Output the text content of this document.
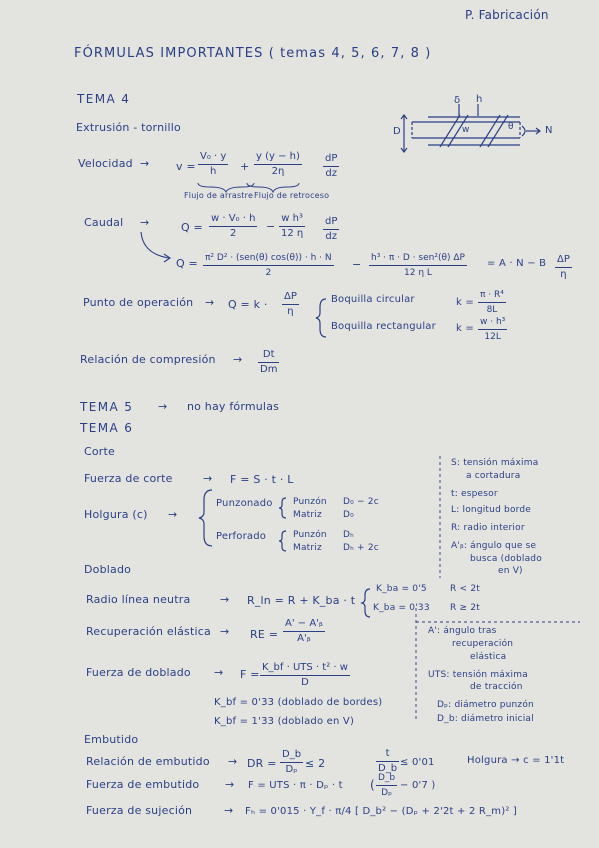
P. Fabricación
FÓRMULAS IMPORTANTES ( temas 4, 5, 6, 7, 8 )
TEMA 4
Extrusión - tornillo
δ h
D	w	θ	N
Velocidad → v =
V₀ · y
h +
y (y − h)
2η
dP
dz
Flujo de arrastre Flujo de retroceso
Caudal →	Q =
w · V₀ · h
2
−
w h³
12 η
dP
dz
Q = π² D² · (sen(θ) cos(θ)) · h · N
2
− h³ · π · D · sen²(θ) ΔP
12 η L
= A · N − B ΔP
η
Punto de operación → Q = k ·
ΔP
η
Boquilla circular	k =
π · R⁴
8L
Boquilla rectangular k =
w · h³
12L
Relación de compresión → Dt
Dm
TEMA 5 → no hay fórmulas
TEMA 6
Corte
Fuerza de corte	→ F = S · t · L
Holgura (c) →
Punzonado Punzón D₀ − 2c
Matriz D₀
Perforado	Punzón Dₕ
Matriz Dₕ + 2c
S: tensión máxima
a cortadura
t: espesor
L: longitud borde
R: radio interior
A'ᵦ: ángulo que se
busca (doblado
en V)
Doblado
Radio línea neutra	→ R_ln = R + K_ba · t
K_ba = 0'5	R < 2t
K_ba = 0'33 R ≥ 2t
Recuperación elástica → RE =
A' − A'ᵦ
A'ᵦ
Fuerza de doblado → F =
K_bf · UTS · t² · w
D
K_bf = 0'33 (doblado de bordes)
K_bf = 1'33 (doblado en V)
A': ángulo tras
recuperación
elástica
UTS: tensión máxima
de tracción
Dₚ: diámetro punzón
D_b: diámetro inicial
Embutido
Relación de embutido → DR =
D_b
Dₚ ≤ 2
t
D_b
≤ 0'01	Holgura → c = 1'1t
Fuerza de embutido → F = UTS · π · Dₚ · t ( D_b
Dₚ
− 0'7 )
Fuerza de sujeción	→ Fₕ = 0'015 · Y_f · π/4 [ D_b² − (Dₚ + 2'2t + 2 R_m)² ]
